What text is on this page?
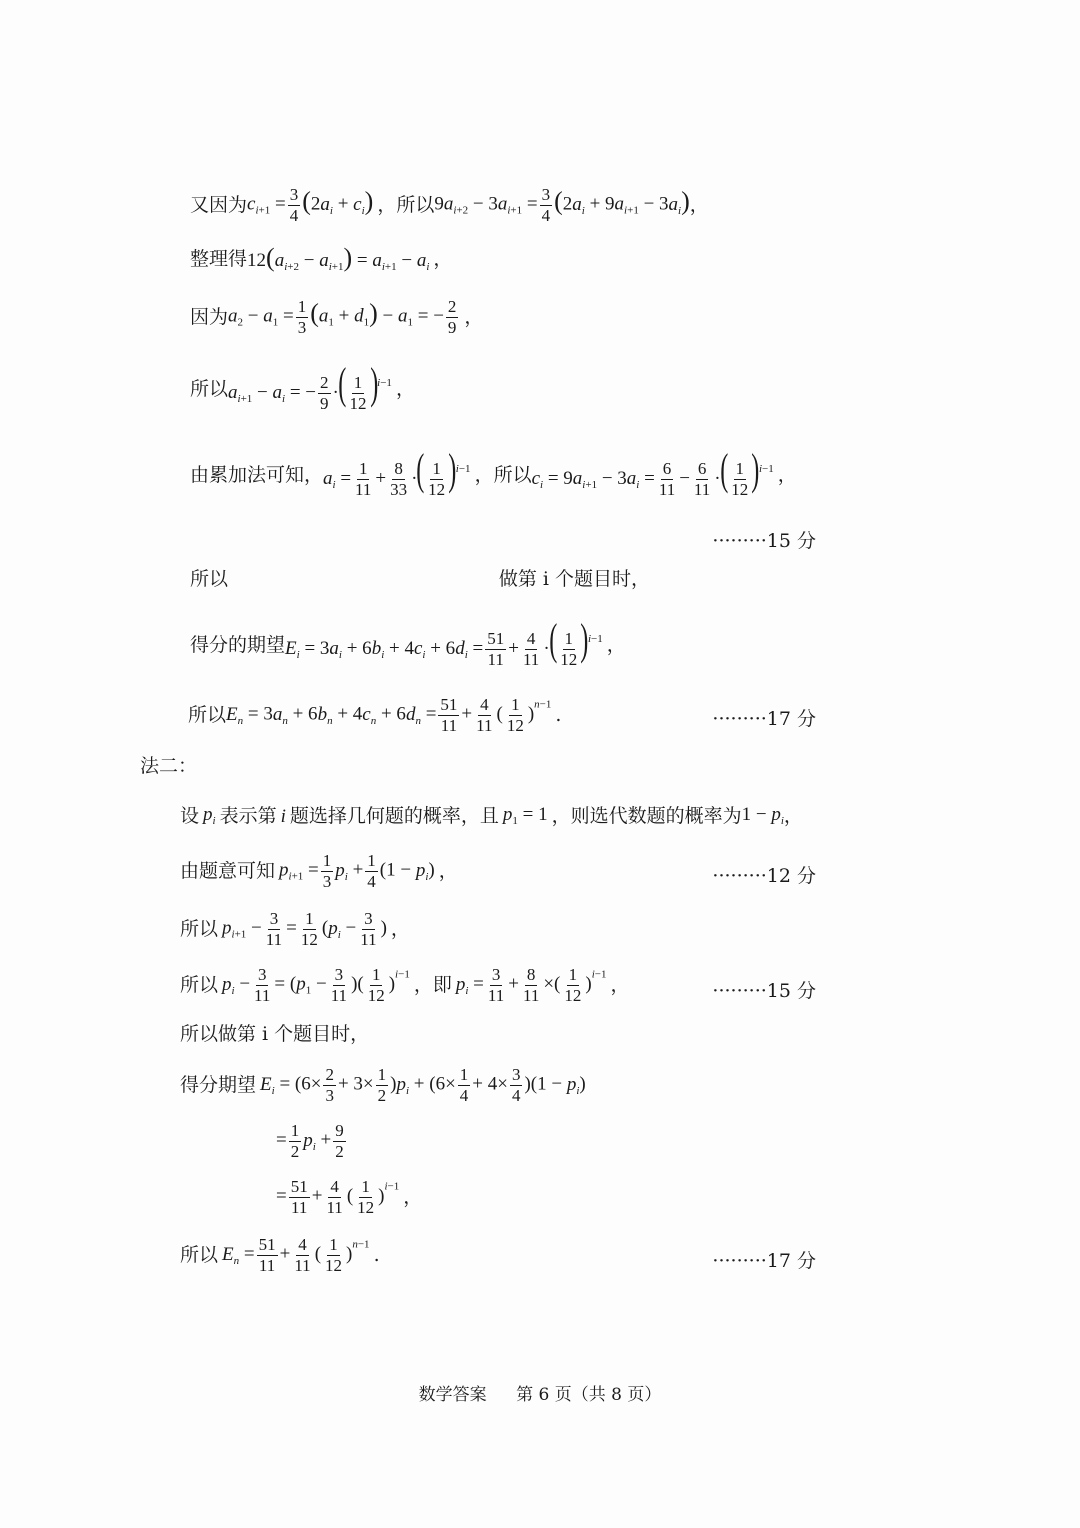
又因为 $c_{i+1} = \frac{3}{4} (2a_i + c_i)$ ，所以 $9a_{i+2} - 3a_{i+1} = \frac{3}{4} (2a_i + 9a_{i+1} - 3a_i)$ ，
整理得 $12(a_{i+2} - a_{i+1}) = a_{i+1} - a_i$ ，
因为 $a_2 - a_1 = \frac{1}{3} (a_1 + d_1) - a_1$ = − $\frac{2}{9}$ ，
所以 $a_{i+1} - a_i$ = − $\frac{2}{9}$ ·( $\frac{1}{12} )^{i-1}$ ，
由累加法可知， $a_i = \frac{1}{11} + \frac{8}{33}$ ·( $\frac{1}{12} )^{i-1}$ ，所以 $c_i = 9a_{i+1} - 3a_i = \frac{6}{11} - \frac{6}{11}$ ·( $\frac{1}{12} )^{i-1}$ ，
·········15 分
所以	做第 i 个题目时，
得分的期望 $E_i = 3a_i + 6b_i + 4c_i + 6d_i = \frac{51}{11} + \frac{4}{11}$ ·( $\frac{1}{12} )^{i-1}$ ，
所以 $E_n = 3a_n + 6b_n + 4c_n + 6d_n = \frac{51}{11} + \frac{4}{11}$ ( $\frac{1}{12} )^{n-1}$ .	·········17 分
法二：
设 $p_i$ 表示第 i 题选择几何题的概率，且 $p_1 = 1$ ，则选代数题的概率为 $1 - p_i$ ，
由题意可知 $p_{i+1} = \frac{1}{3} p_i + \frac{1}{4} (1 - p_i)$ ，	·········12 分
所以 $p_{i+1} - \frac{3}{11} = \frac{1}{12} (p_i - \frac{3}{11}$ ) ，
所以 $p_i - \frac{3}{11} = (p_1 - \frac{3}{11}$ )( $\frac{1}{12} )^{i-1}$ ，即 $p_i = \frac{3}{11} + \frac{8}{11}$ ×( $\frac{1}{12} )^{i-1}$ ，	·········15 分
所以做第 i 个题目时，
得分期望 $E_i = (6\times \frac{2}{3} + 3\times \frac{1}{2} )p_i + (6\times \frac{1}{4} + 4\times \frac{3}{4} )(1 - p_i)$
= $\frac{1}{2} p_i + \frac{9}{2}$
= $\frac{51}{11} + \frac{4}{11}$ ( $\frac{1}{12} )^{i-1}$ ，
所以 $E_n = \frac{51}{11} + \frac{4}{11}$ ( $\frac{1}{12} )^{n-1}$ .	·········17 分
数学答案 第 6 页（共 8 页）
